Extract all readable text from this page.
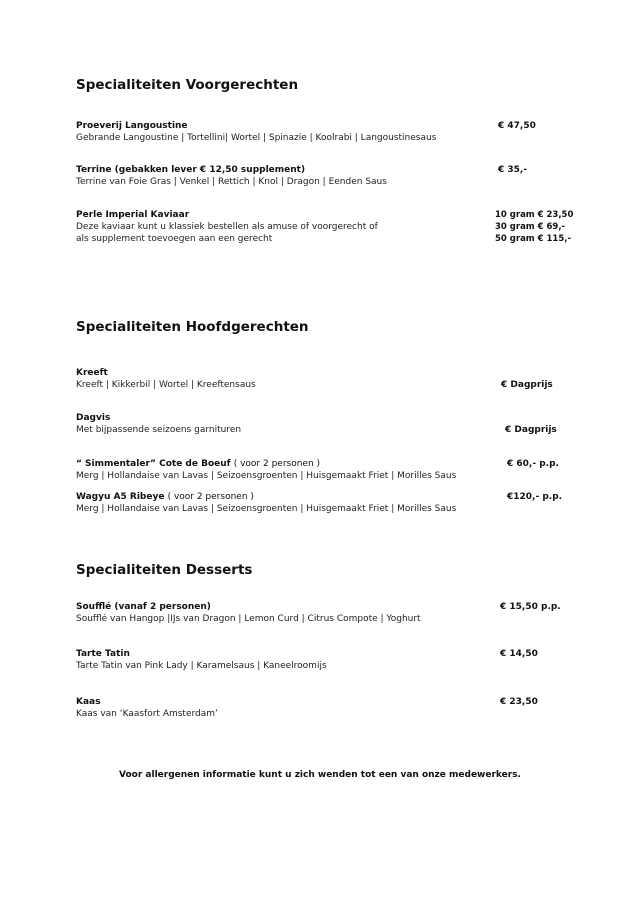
Specialiteiten Voorgerechten
Proeverij Langoustine
Gebrande Langoustine | Tortellini| Wortel | Spinazie | Koolrabi | Langoustinesaus
€ 47,50
Terrine (gebakken lever € 12,50 supplement)
Terrine van Foie Gras | Venkel | Rettich | Knol | Dragon | Eenden Saus
€ 35,-
Perle Imperial Kaviaar
Deze kaviaar kunt u klassiek bestellen als amuse of voorgerecht of
als supplement toevoegen aan een gerecht
10 gram € 23,50
30 gram € 69,-
50 gram € 115,-
Specialiteiten Hoofdgerechten
Kreeft
Kreeft | Kikkerbil | Wortel | Kreeftensaus	€ Dagprijs
Dagvis
Met bijpassende seizoens garnituren	€ Dagprijs
“ Simmentaler” Cote de Boeuf ( voor 2 personen )
Merg | Hollandaise van Lavas | Seizoensgroenten | Huisgemaakt Friet | Morilles Saus
€ 60,- p.p.
Wagyu A5 Ribeye ( voor 2 personen )
Merg | Hollandaise van Lavas | Seizoensgroenten | Huisgemaakt Friet | Morilles Saus
€120,- p.p.
Specialiteiten Desserts
Soufflé (vanaf 2 personen)
Soufflé van Hangop |IJs van Dragon | Lemon Curd | Citrus Compote | Yoghurt
€ 15,50 p.p.
Tarte Tatin
Tarte Tatin van Pink Lady | Karamelsaus | Kaneelroomijs
€ 14,50
Kaas
Kaas van ‘Kaasfort Amsterdam’
€ 23,50
Voor allergenen informatie kunt u zich wenden tot een van onze medewerkers.
